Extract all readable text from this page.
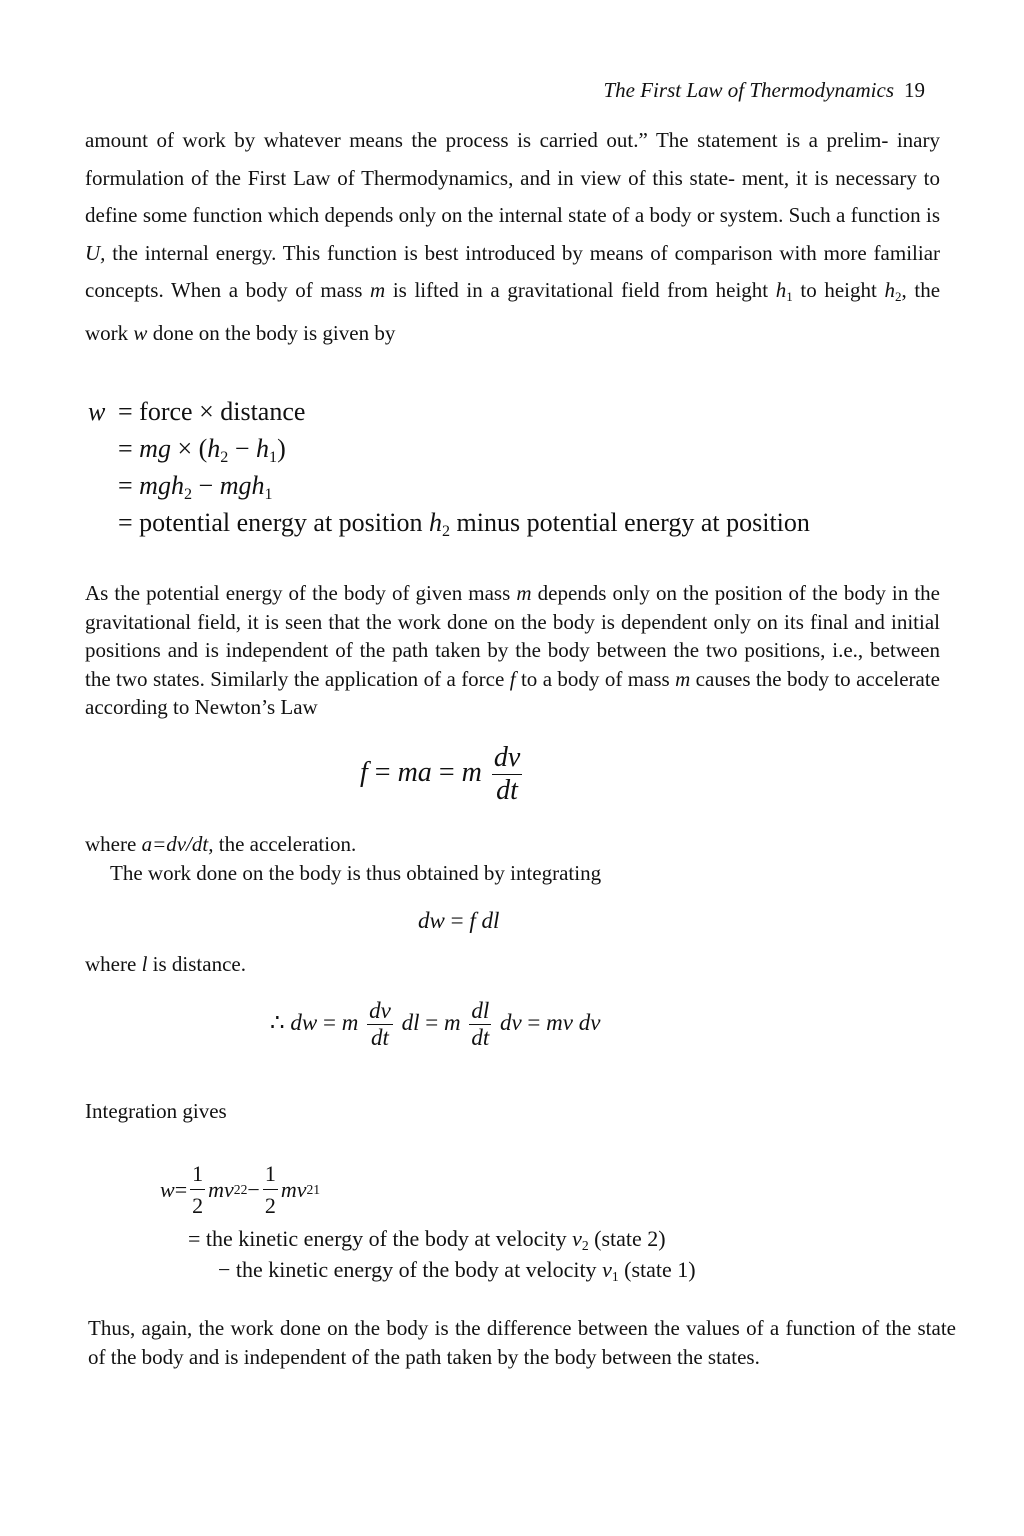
The First Law of Thermodynamics 19
amount of work by whatever means the process is carried out.” The statement is a prelim- inary formulation of the First Law of Thermodynamics, and in view of this state- ment, it is necessary to define some function which depends only on the internal state of a body or system. Such a function is U, the internal energy. This function is best introduced by means of comparison with more familiar concepts. When a body of mass m is lifted in a gravitational field from height $h_1$ to height $h_2$, the work w done on the body is given by
w = force × distance
= mg × $(h_2 - h_1)$
= mgh$_2$ − mgh$_1$
= potential energy at position $h_2$ minus potential energy at position
As the potential energy of the body of given mass m depends only on the position of the body in the gravitational field, it is seen that the work done on the body is dependent only on its final and initial positions and is independent of the path taken by the body between the two positions, i.e., between the two states. Similarly the application of a force f to a body of mass m causes the body to accelerate according to Newton’s Law
f = ma = m $\frac{dv}{dt}$
where a=dv/dt, the acceleration.
The work done on the body is thus obtained by integrating
dw = f dl
where l is distance.
∴ dw = m $\frac{dv}{dt}$ dl = m $\frac{dl}{dt}$ dv = mv dv
Integration gives
$w = \frac{1}{2}$ mv 2 $2 - \frac{1}{2}$ mv 2 1
= the kinetic energy of the body at velocity $v_2$ (state 2)
− the kinetic energy of the body at velocity $v_1$ (state 1)
Thus, again, the work done on the body is the difference between the values of a function of the state of the body and is independent of the path taken by the body between the states.
